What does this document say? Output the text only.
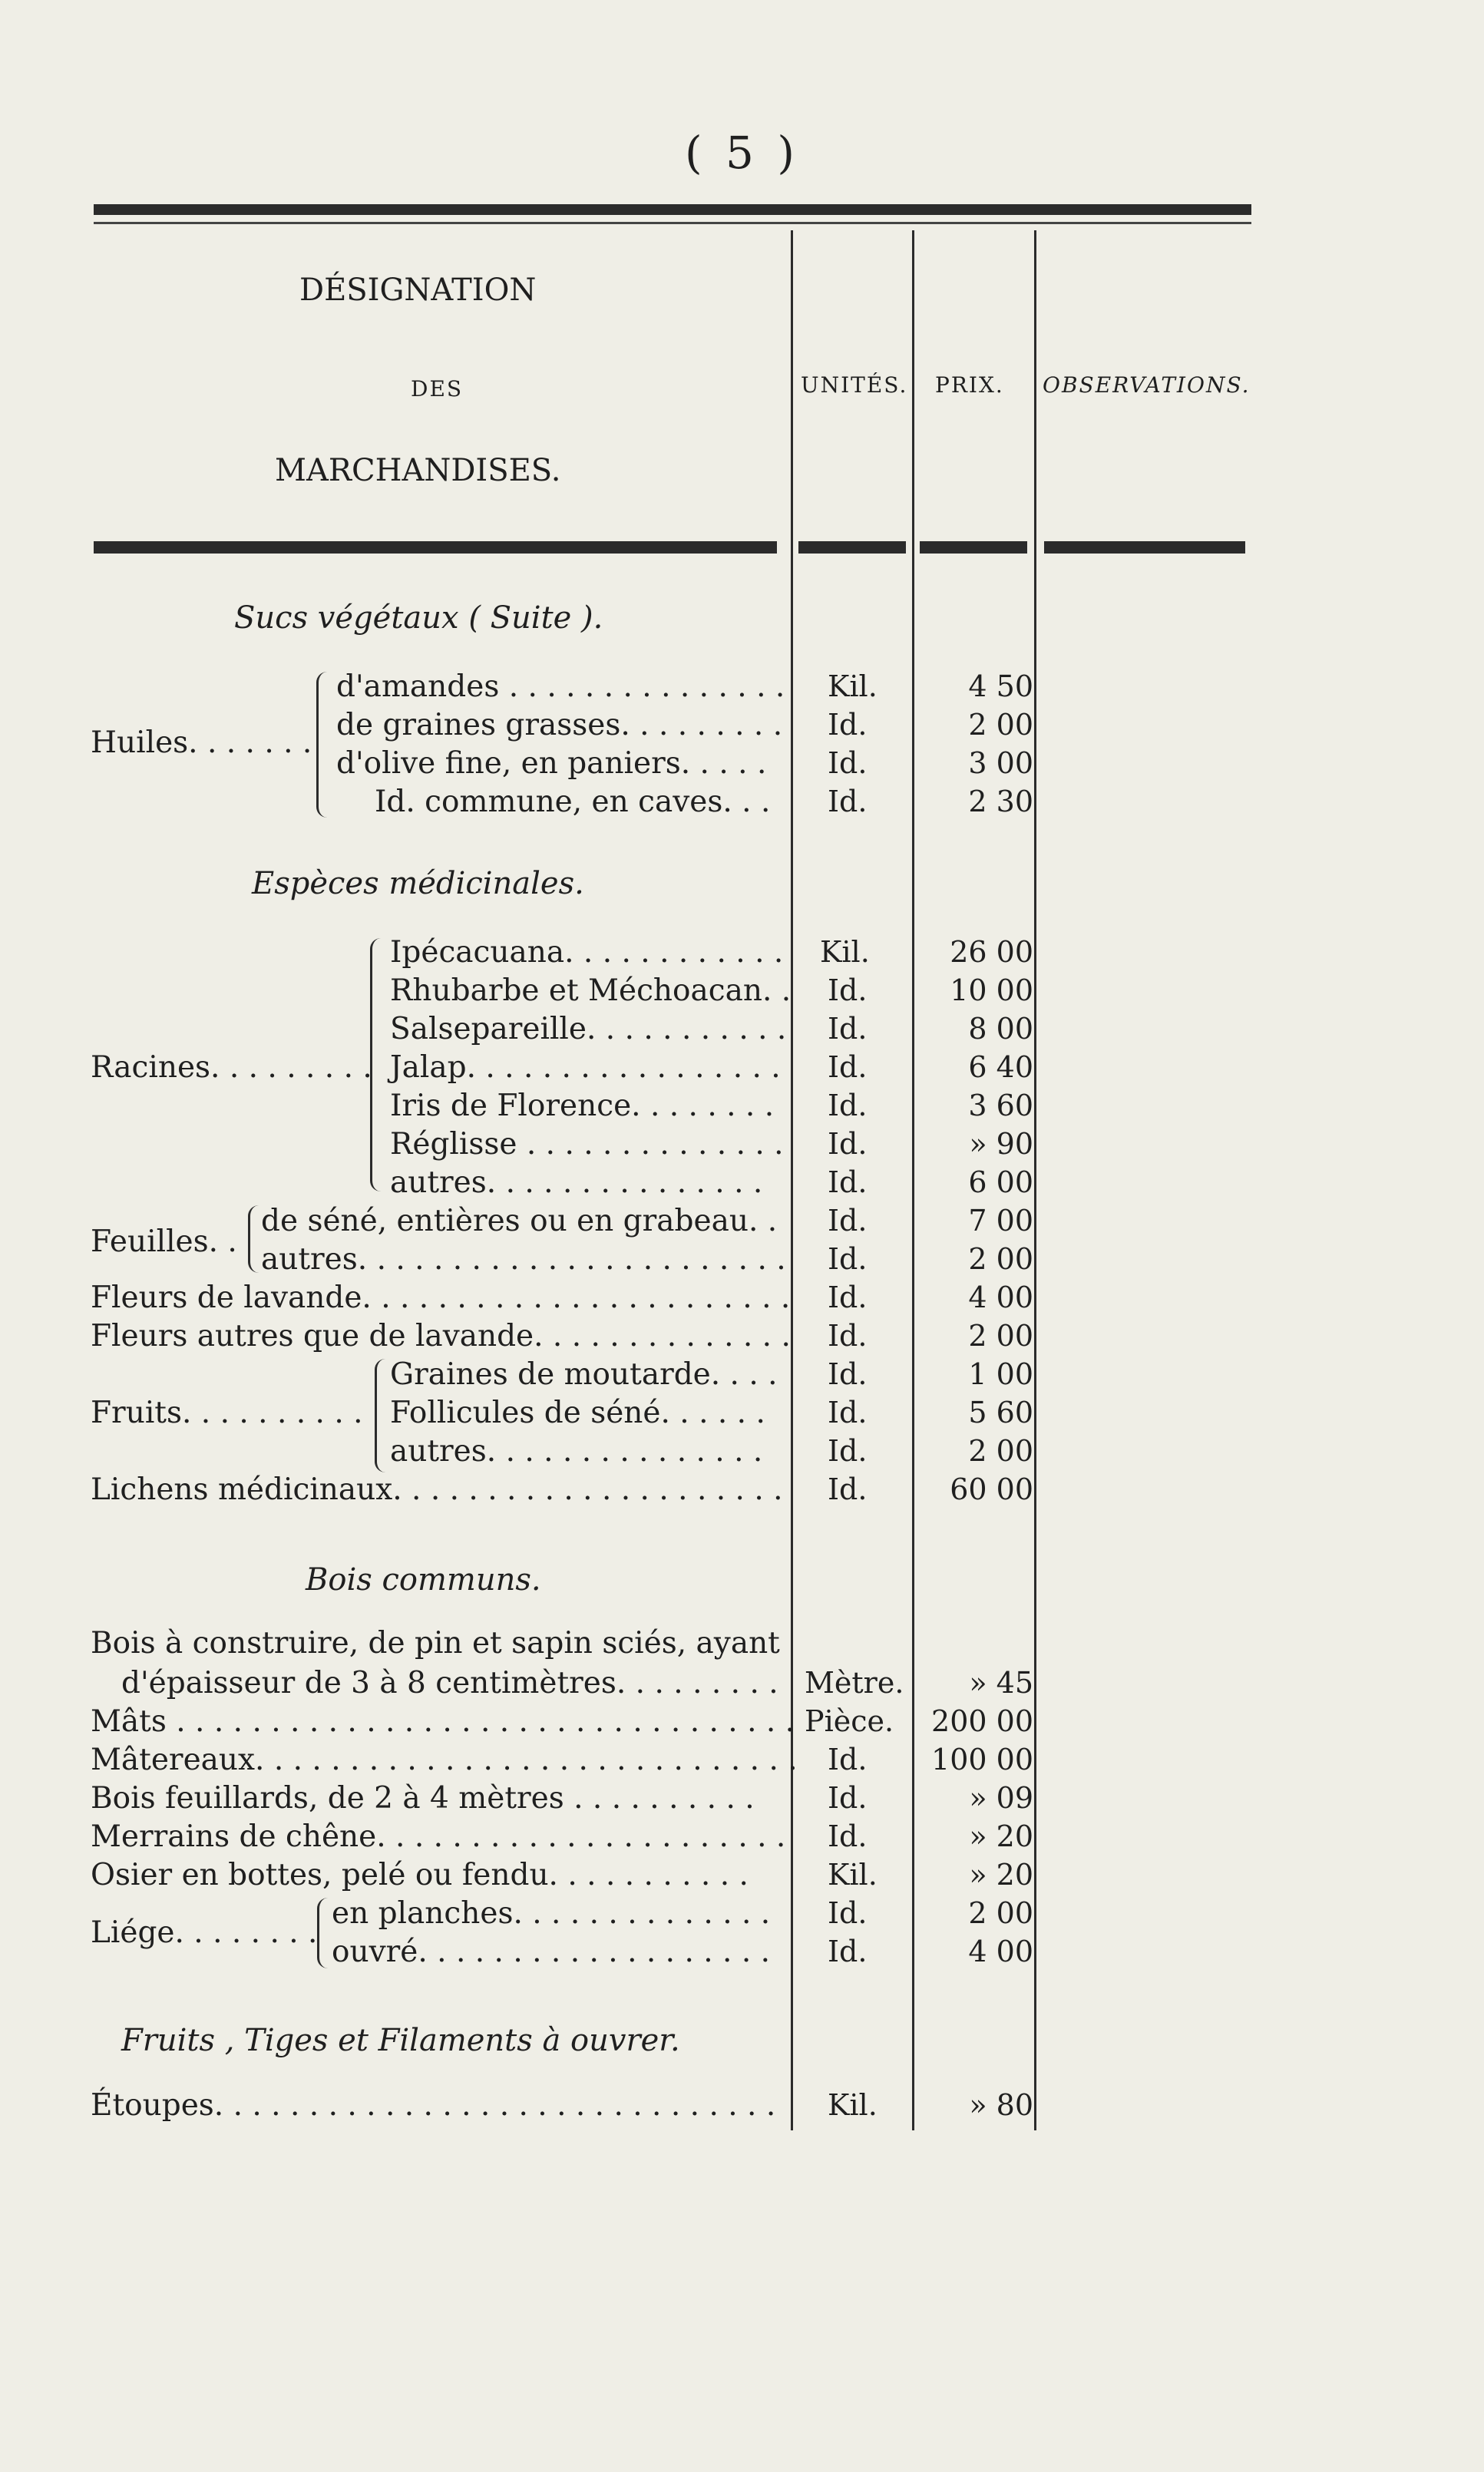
( 5 )
DÉSIGNATION
DES
MARCHANDISES.
UNITÉS. PRIX. OBSERVATIONS.
Sucs végétaux ( Suite ).
Huiles. . . . . . .
d'amandes . . . . . . . . . . . . . . . Kil.	4 50
de graines grasses. . . . . . . . . Id.	2 00
d'olive fine, en paniers. . . . . Id.	3 00
Id. commune, en caves. . . Id.	2 30
Espèces médicinales.
Racines. . . . . . . . .
Ipécacuana. . . . . . . . . . . . Kil.	26 00
Rhubarbe et Méchoacan. . Id.	10 00
Salsepareille. . . . . . . . . . . Id.	8 00
Jalap. . . . . . . . . . . . . . . . . Id.	6 40
Iris de Florence. . . . . . . . Id.	3 60
Réglisse . . . . . . . . . . . . . . Id.	» 90
autres. . . . . . . . . . . . . . . Id.	6 00
Feuilles. .
de séné, entières ou en grabeau. . Id.	7 00
autres. . . . . . . . . . . . . . . . . . . . . . . Id.	2 00
Fleurs de lavande. . . . . . . . . . . . . . . . . . . . . . . Id.	4 00
Fleurs autres que de lavande. . . . . . . . . . . . . . Id.	2 00
Fruits. . . . . . . . . .
Graines de moutarde. . . . Id.	1 00
Follicules de séné. . . . . . Id.	5 60
autres. . . . . . . . . . . . . . . Id.	2 00
Lichens médicinaux. . . . . . . . . . . . . . . . . . . . . Id.	60 00
Bois communs.
Bois à construire, de pin et sapin sciés, ayant
d'épaisseur de 3 à 8 centimètres. . . . . . . . . Mètre.	» 45
Mâts . . . . . . . . . . . . . . . . . . . . . . . . . . . . . . . . . Pièce.	200 00
Mâtereaux. . . . . . . . . . . . . . . . . . . . . . . . . . . . . Id.	100 00
Bois feuillards, de 2 à 4 mètres . . . . . . . . . .	Id.	» 09
Merrains de chêne. . . . . . . . . . . . . . . . . . . . . . Id.	» 20
Osier en bottes, pelé ou fendu. . . . . . . . . . .	Kil.	» 20
Liége. . . . . . . .
en planches. . . . . . . . . . . . . . Id.	2 00
ouvré. . . . . . . . . . . . . . . . . . . Id.	4 00
Fruits , Tiges et Filaments à ouvrer.
Étoupes. . . . . . . . . . . . . . . . . . . . . . . . . . . . . . Kil.	» 80
